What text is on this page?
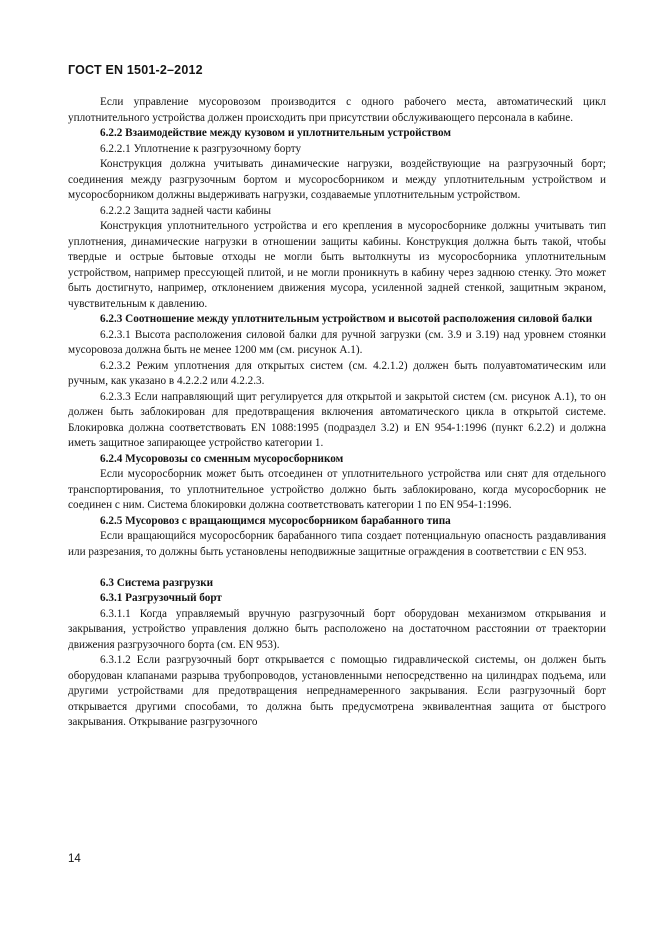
ГОСТ EN 1501-2–2012

Если управление мусоровозом производится с одного рабочего места, автоматический цикл уплотнительного устройства должен происходить при присутствии обслуживающего персонала в кабине.

6.2.2 Взаимодействие между кузовом и уплотнительным устройством

6.2.2.1 Уплотнение к разгрузочному борту

Конструкция должна учитывать динамические нагрузки, воздействующие на разгрузочный борт; соединения между разгрузочным бортом и мусоросборником и между уплотнительным устройством и мусоросборником должны выдерживать нагрузки, создаваемые уплотнительным устройством.

6.2.2.2 Защита задней части кабины

Конструкция уплотнительного устройства и его крепления в мусоросборнике должны учитывать тип уплотнения, динамические нагрузки в отношении защиты кабины. Конструкция должна быть такой, чтобы твердые и острые бытовые отходы не могли быть вытолкнуты из мусоросборника уплотнительным устройством, например прессующей плитой, и не могли проникнуть в кабину через заднюю стенку. Это может быть достигнуто, например, отклонением движения мусора, усиленной задней стенкой, защитным экраном, чувствительным к давлению.

6.2.3 Соотношение между уплотнительным устройством и высотой расположения силовой балки

6.2.3.1 Высота расположения силовой балки для ручной загрузки (см. 3.9 и 3.19) над уровнем стоянки мусоровоза должна быть не менее 1200 мм (см. рисунок А.1).

6.2.3.2 Режим уплотнения для открытых систем (см. 4.2.1.2) должен быть полуавтоматическим или ручным, как указано в 4.2.2.2 или 4.2.2.3.

6.2.3.3 Если направляющий щит регулируется для открытой и закрытой систем (см. рисунок А.1), то он должен быть заблокирован для предотвращения включения автоматического цикла в открытой системе. Блокировка должна соответствовать EN 1088:1995 (подраздел 3.2) и EN 954-1:1996 (пункт 6.2.2) и должна иметь защитное запирающее устройство категории 1.

6.2.4 Мусоровозы со сменным мусоросборником

Если мусоросборник может быть отсоединен от уплотнительного устройства или снят для отдельного транспортирования, то уплотнительное устройство должно быть заблокировано, когда мусоросборник не соединен с ним. Система блокировки должна соответствовать категории 1 по EN 954-1:1996.

6.2.5 Мусоровоз с вращающимся мусоросборником барабанного типа

Если вращающийся мусоросборник барабанного типа создает потенциальную опасность раздавливания или разрезания, то должны быть установлены неподвижные защитные ограждения в соответствии с EN 953.

6.3 Система разгрузки

6.3.1 Разгрузочный борт

6.3.1.1 Когда управляемый вручную разгрузочный борт оборудован механизмом открывания и закрывания, устройство управления должно быть расположено на достаточном расстоянии от траектории движения разгрузочного борта (см. EN 953).

6.3.1.2 Если разгрузочный борт открывается с помощью гидравлической системы, он должен быть оборудован клапанами разрыва трубопроводов, установленными непосредственно на цилиндрах подъема, или другими устройствами для предотвращения непреднамеренного закрывания. Если разгрузочный борт открывается другими способами, то должна быть предусмотрена эквивалентная защита от быстрого закрывания. Открывание разгрузочного

14
